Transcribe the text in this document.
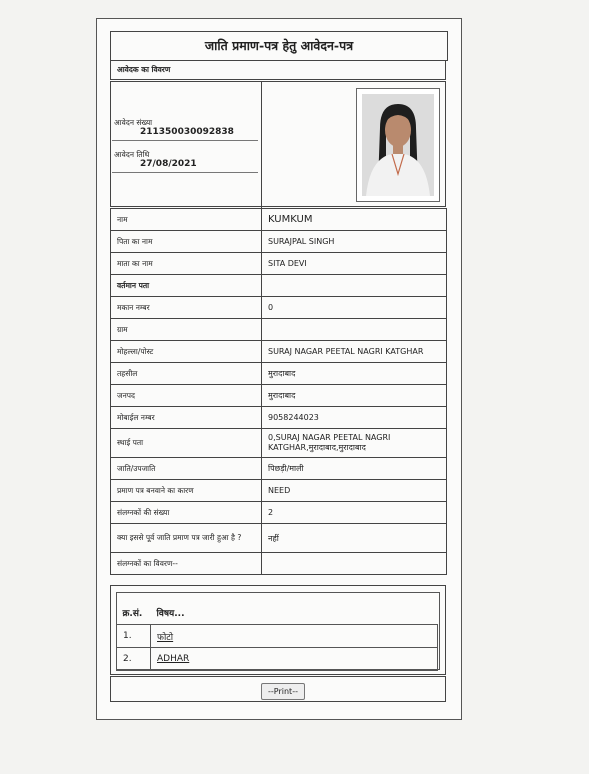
जाति प्रमाण-पत्र हेतु आवेदन-पत्र
आवेदक का विवरण
आवेदन संख्या
211350030092838
आवेदन तिथि
27/08/2021
नाम	KUMKUM
पिता का नाम	SURAJPAL SINGH
माता का नाम	SITA DEVI
वर्तमान पता	
मकान नम्बर	0
ग्राम	
मोहल्ला/पोस्ट	SURAJ NAGAR PEETAL NAGRI KATGHAR
तहसील	मुरादाबाद
जनपद	मुरादाबाद
मोबाईल नम्बर	9058244023
स्थाई पता	0,SURAJ NAGAR PEETAL NAGRI KATGHAR,मुरादाबाद,मुरादाबाद
जाति/उपजाति	पिछड़ी/माली
प्रमाण पत्र बनवाने का कारण	NEED
संलग्नकों की संख्या	2
क्या इससे पूर्व जाति प्रमाण पत्र जारी हुआ है ?	नहीं
संलग्नकों का विवरण--	
क्र.सं.	विषय...
1.	फोटो
2.	ADHAR
--Print--
